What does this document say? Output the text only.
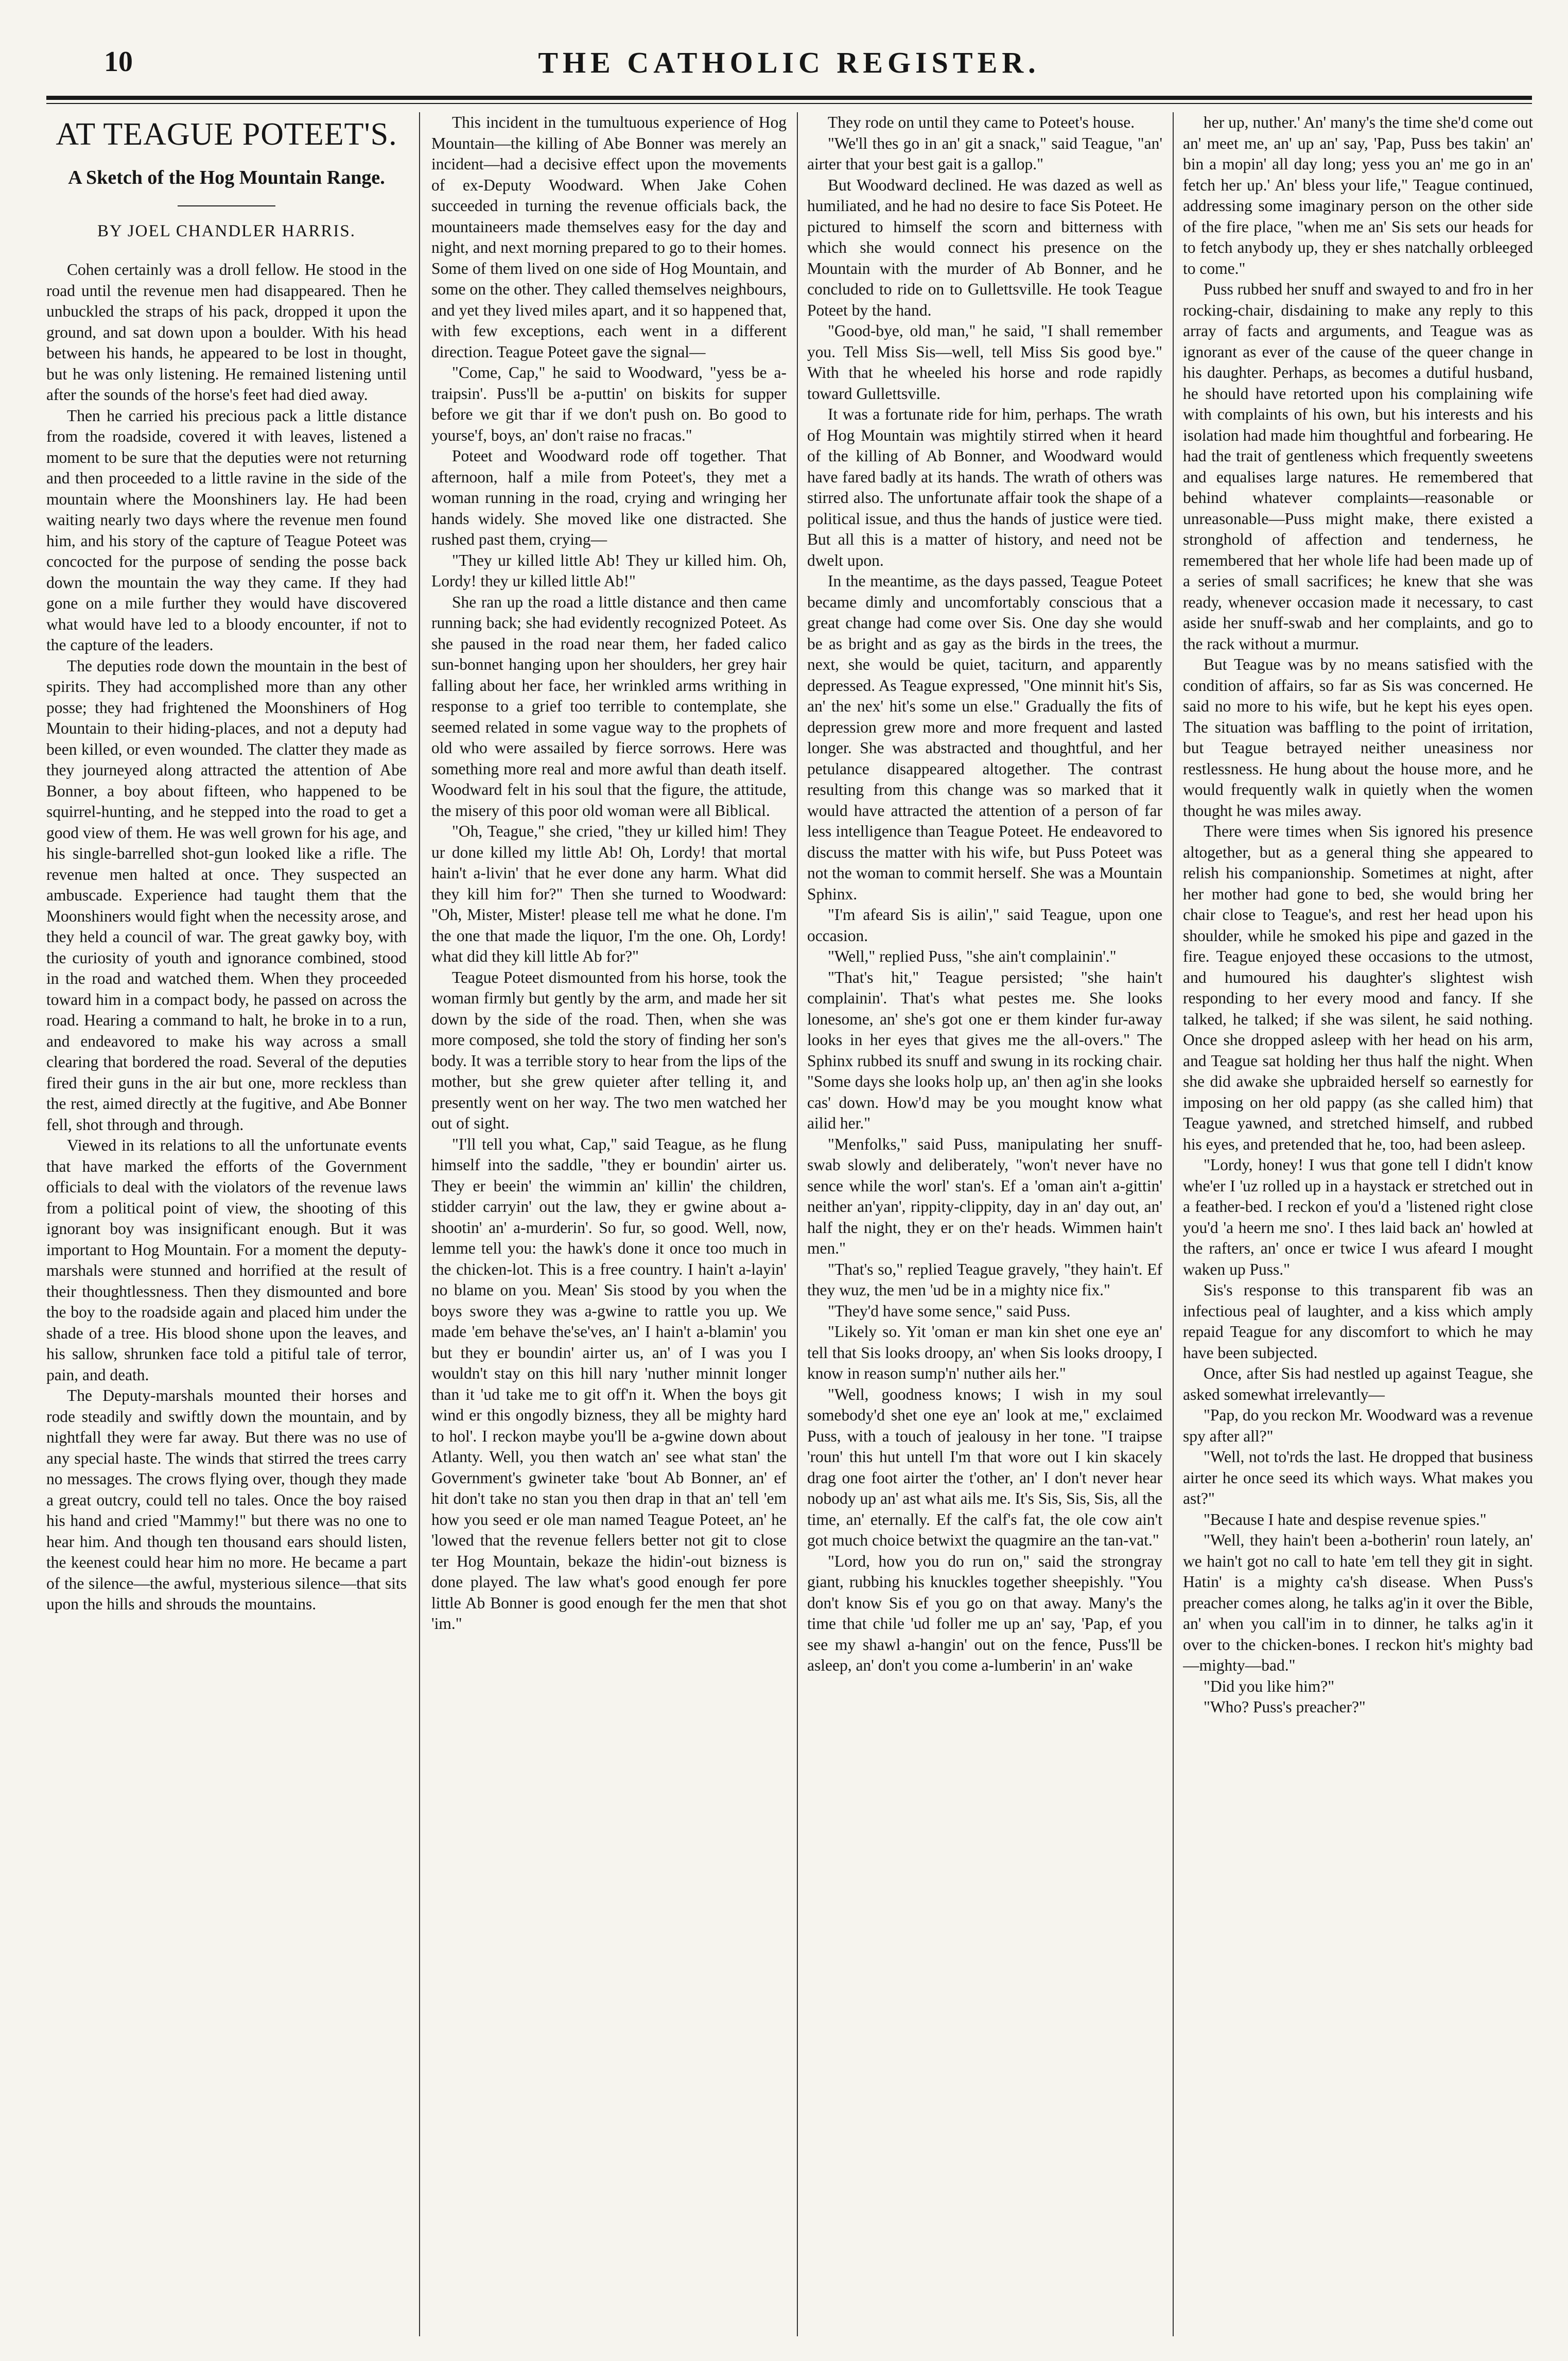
10	THE CATHOLIC REGISTER.
AT TEAGUE POTEET'S.
A Sketch of the Hog Mountain Range.
BY JOEL CHANDLER HARRIS.

Cohen certainly was a droll fellow. He stood in the road until the revenue men had disappeared. Then he unbuckled the straps of his pack, dropped it upon the ground, and sat down upon a boulder. With his head between his hands, he appeared to be lost in thought, but he was only listening. He remained listening until after the sounds of the horse's feet had died away.

Then he carried his precious pack a little distance from the roadside, covered it with leaves, listened a moment to be sure that the deputies were not returning and then proceeded to a little ravine in the side of the mountain where the Moonshiners lay. He had been waiting nearly two days where the revenue men found him, and his story of the capture of Teague Poteet was concocted for the purpose of sending the posse back down the mountain the way they came. If they had gone on a mile further they would have discovered what would have led to a bloody encounter, if not to the capture of the leaders.

The deputies rode down the mountain in the best of spirits. They had accomplished more than any other posse; they had frightened the Moonshiners of Hog Mountain to their hiding-places, and not a deputy had been killed, or even wounded. The clatter they made as they journeyed along attracted the attention of Abe Bonner, a boy about fifteen, who happened to be squirrel-hunting, and he stepped into the road to get a good view of them. He was well grown for his age, and his single-barrelled shot-gun looked like a rifle. The revenue men halted at once. They suspected an ambuscade. Experience had taught them that the Moonshiners would fight when the necessity arose, and they held a council of war. The great gawky boy, with the curiosity of youth and ignorance combined, stood in the road and watched them. When they proceeded toward him in a compact body, he passed on across the road. Hearing a command to halt, he broke in to a run, and endeavored to make his way across a small clearing that bordered the road. Several of the deputies fired their guns in the air but one, more reckless than the rest, aimed directly at the fugitive, and Abe Bonner fell, shot through and through.

Viewed in its relations to all the unfortunate events that have marked the efforts of the Government officials to deal with the violators of the revenue laws from a political point of view, the shooting of this ignorant boy was insignificant enough. But it was important to Hog Mountain. For a moment the deputy-marshals were stunned and horrified at the result of their thoughtlessness. Then they dismounted and bore the boy to the roadside again and placed him under the shade of a tree. His blood shone upon the leaves, and his sallow, shrunken face told a pitiful tale of terror, pain, and death.

The Deputy-marshals mounted their horses and rode steadily and swiftly down the mountain, and by nightfall they were far away. But there was no use of any special haste. The winds that stirred the trees carry no messages. The crows flying over, though they made a great outcry, could tell no tales. Once the boy raised his hand and cried "Mammy!" but there was no one to hear him. And though ten thousand ears should listen, the keenest could hear him no more. He became a part of the silence—the awful, mysterious silence—that sits upon the hills and shrouds the mountains.

This incident in the tumultuous experience of Hog Mountain—the killing of Abe Bonner was merely an incident—had a decisive effect upon the movements of ex-Deputy Woodward. When Jake Cohen succeeded in turning the revenue officials back, the mountaineers made themselves easy for the day and night, and next morning prepared to go to their homes. Some of them lived on one side of Hog Mountain, and some on the other. They called themselves neighbours, and yet they lived miles apart, and it so happened that, with few exceptions, each went in a different direction. Teague Poteet gave the signal—

"Come, Cap," he said to Woodward, "yess be a-traipsin'. Puss'll be a-puttin' on biskits for supper before we git thar if we don't push on. Bo good to yourse'f, boys, an' don't raise no fracas."

Poteet and Woodward rode off together. That afternoon, half a mile from Poteet's, they met a woman running in the road, crying and wringing her hands widely. She moved like one distracted. She rushed past them, crying—

"They ur killed little Ab! They ur killed him. Oh, Lordy! they ur killed little Ab!"

She ran up the road a little distance and then came running back; she had evidently recognized Poteet. As she paused in the road near them, her faded calico sun-bonnet hanging upon her shoulders, her grey hair falling about her face, her wrinkled arms writhing in response to a grief too terrible to contemplate, she seemed related in some vague way to the prophets of old who were assailed by fierce sorrows. Here was something more real and more awful than death itself. Woodward felt in his soul that the figure, the attitude, the misery of this poor old woman were all Biblical.

"Oh, Teague," she cried, "they ur killed him! They ur done killed my little Ab! Oh, Lordy! that mortal hain't a-livin' that he ever done any harm. What did they kill him for?" Then she turned to Woodward: "Oh, Mister, Mister! please tell me what he done. I'm the one that made the liquor, I'm the one. Oh, Lordy! what did they kill little Ab for?"

Teague Poteet dismounted from his horse, took the woman firmly but gently by the arm, and made her sit down by the side of the road. Then, when she was more composed, she told the story of finding her son's body. It was a terrible story to hear from the lips of the mother, but she grew quieter after telling it, and presently went on her way. The two men watched her out of sight.

"I'll tell you what, Cap," said Teague, as he flung himself into the saddle, "they er boundin' airter us. They er beein' the wimmin an' killin' the children, stidder carryin' out the law, they er gwine about a-shootin' an' a-murderin'. So fur, so good. Well, now, lemme tell you: the hawk's done it once too much in the chicken-lot. This is a free country. I hain't a-layin' no blame on you. Mean' Sis stood by you when the boys swore they was a-gwine to rattle you up. We made 'em behave the'se'ves, an' I hain't a-blamin' you but they er boundin' airter us, an' of I was you I wouldn't stay on this hill nary 'nuther minnit longer than it 'ud take me to git off'n it. When the boys git wind er this ongodly bizness, they all be mighty hard to hol'. I reckon maybe you'll be a-gwine down about Atlanty. Well, you then watch an' see what stan' the Government's gwineter take 'bout Ab Bonner, an' ef hit don't take no stan you then drap in that an' tell 'em how you seed er ole man named Teague Poteet, an' he 'lowed that the revenue fellers better not git to close ter Hog Mountain, bekaze the hidin'-out bizness is done played. The law what's good enough fer pore little Ab Bonner is good enough fer the men that shot 'im."

They rode on until they came to Poteet's house.

"We'll thes go in an' git a snack," said Teague, "an' airter that your best gait is a gallop."

But Woodward declined. He was dazed as well as humiliated, and he had no desire to face Sis Poteet. He pictured to himself the scorn and bitterness with which she would connect his presence on the Mountain with the murder of Ab Bonner, and he concluded to ride on to Gullettsville. He took Teague Poteet by the hand.

"Good-bye, old man," he said, "I shall remember you. Tell Miss Sis—well, tell Miss Sis good bye." With that he wheeled his horse and rode rapidly toward Gullettsville.

It was a fortunate ride for him, perhaps. The wrath of Hog Mountain was mightily stirred when it heard of the killing of Ab Bonner, and Woodward would have fared badly at its hands. The wrath of others was stirred also. The unfortunate affair took the shape of a political issue, and thus the hands of justice were tied. But all this is a matter of history, and need not be dwelt upon.

In the meantime, as the days passed, Teague Poteet became dimly and uncomfortably conscious that a great change had come over Sis. One day she would be as bright and as gay as the birds in the trees, the next, she would be quiet, taciturn, and apparently depressed. As Teague expressed, "One minnit hit's Sis, an' the nex' hit's some un else." Gradually the fits of depression grew more and more frequent and lasted longer. She was abstracted and thoughtful, and her petulance disappeared altogether. The contrast resulting from this change was so marked that it would have attracted the attention of a person of far less intelligence than Teague Poteet. He endeavored to discuss the matter with his wife, but Puss Poteet was not the woman to commit herself. She was a Mountain Sphinx.

"I'm afeard Sis is ailin'," said Teague, upon one occasion.

"Well," replied Puss, "she ain't complainin'."

"That's hit," Teague persisted; "she hain't complainin'. That's what pestes me. She looks lonesome, an' she's got one er them kinder fur-away looks in her eyes that gives me the all-overs." The Sphinx rubbed its snuff and swung in its rocking chair. "Some days she looks holp up, an' then ag'in she looks cas' down. How'd may be you mought know what ailid her."

"Menfolks," said Puss, manipulating her snuff-swab slowly and deliberately, "won't never have no sence while the worl' stan's. Ef a 'oman ain't a-gittin' neither an'yan', rippity-clippity, day in an' day out, an' half the night, they er on the'r heads. Wimmen hain't men."

"That's so," replied Teague gravely, "they hain't. Ef they wuz, the men 'ud be in a mighty nice fix."

"They'd have some sence," said Puss.

"Likely so. Yit 'oman er man kin shet one eye an' tell that Sis looks droopy, an' when Sis looks droopy, I know in reason sump'n' nuther ails her."

"Well, goodness knows; I wish in my soul somebody'd shet one eye an' look at me," exclaimed Puss, with a touch of jealousy in her tone. "I traipse 'roun' this hut untell I'm that wore out I kin skacely drag one foot airter the t'other, an' I don't never hear nobody up an' ast what ails me. It's Sis, Sis, Sis, all the time, an' eternally. Ef the calf's fat, the ole cow ain't got much choice betwixt the quagmire an the tan-vat."

"Lord, how you do run on," said the strongray giant, rubbing his knuckles together sheepishly. "You don't know Sis ef you go on that away. Many's the time that chile 'ud foller me up an' say, 'Pap, ef you see my shawl a-hangin' out on the fence, Puss'll be asleep, an' don't you come a-lumberin' in an' wake

her up, nuther.' An' many's the time she'd come out an' meet me, an' up an' say, 'Pap, Puss bes takin' an' bin a mopin' all day long; yess you an' me go in an' fetch her up.' An' bless your life," Teague continued, addressing some imaginary person on the other side of the fire place, "when me an' Sis sets our heads for to fetch anybody up, they er shes natchally orbleeged to come."

Puss rubbed her snuff and swayed to and fro in her rocking-chair, disdaining to make any reply to this array of facts and arguments, and Teague was as ignorant as ever of the cause of the queer change in his daughter. Perhaps, as becomes a dutiful husband, he should have retorted upon his complaining wife with complaints of his own, but his interests and his isolation had made him thoughtful and forbearing. He had the trait of gentleness which frequently sweetens and equalises large natures. He remembered that behind whatever complaints—reasonable or unreasonable—Puss might make, there existed a stronghold of affection and tenderness, he remembered that her whole life had been made up of a series of small sacrifices; he knew that she was ready, whenever occasion made it necessary, to cast aside her snuff-swab and her complaints, and go to the rack without a murmur.

But Teague was by no means satisfied with the condition of affairs, so far as Sis was concerned. He said no more to his wife, but he kept his eyes open. The situation was baffling to the point of irritation, but Teague betrayed neither uneasiness nor restlessness. He hung about the house more, and he would frequently walk in quietly when the women thought he was miles away.

There were times when Sis ignored his presence altogether, but as a general thing she appeared to relish his companionship. Sometimes at night, after her mother had gone to bed, she would bring her chair close to Teague's, and rest her head upon his shoulder, while he smoked his pipe and gazed in the fire. Teague enjoyed these occasions to the utmost, and humoured his daughter's slightest wish responding to her every mood and fancy. If she talked, he talked; if she was silent, he said nothing. Once she dropped asleep with her head on his arm, and Teague sat holding her thus half the night. When she did awake she upbraided herself so earnestly for imposing on her old pappy (as she called him) that Teague yawned, and stretched himself, and rubbed his eyes, and pretended that he, too, had been asleep.

"Lordy, honey! I wus that gone tell I didn't know whe'er I 'uz rolled up in a haystack er stretched out in a feather-bed. I reckon ef you'd a 'listened right close you'd 'a heern me sno'. I thes laid back an' howled at the rafters, an' once er twice I wus afeard I mought waken up Puss."

Sis's response to this transparent fib was an infectious peal of laughter, and a kiss which amply repaid Teague for any discomfort to which he may have been subjected.

Once, after Sis had nestled up against Teague, she asked somewhat irrelevantly—

"Pap, do you reckon Mr. Woodward was a revenue spy after all?"

"Well, not to'rds the last. He dropped that business airter he once seed its which ways. What makes you ast?"

"Because I hate and despise revenue spies."

"Well, they hain't been a-botherin' roun lately, an' we hain't got no call to hate 'em tell they git in sight. Hatin' is a mighty ca'sh disease. When Puss's preacher comes along, he talks ag'in it over the Bible, an' when you call'im in to dinner, he talks ag'in it over to the chicken-bones. I reckon hit's mighty bad—mighty—bad."

"Did you like him?"

"Who? Puss's preacher?"
